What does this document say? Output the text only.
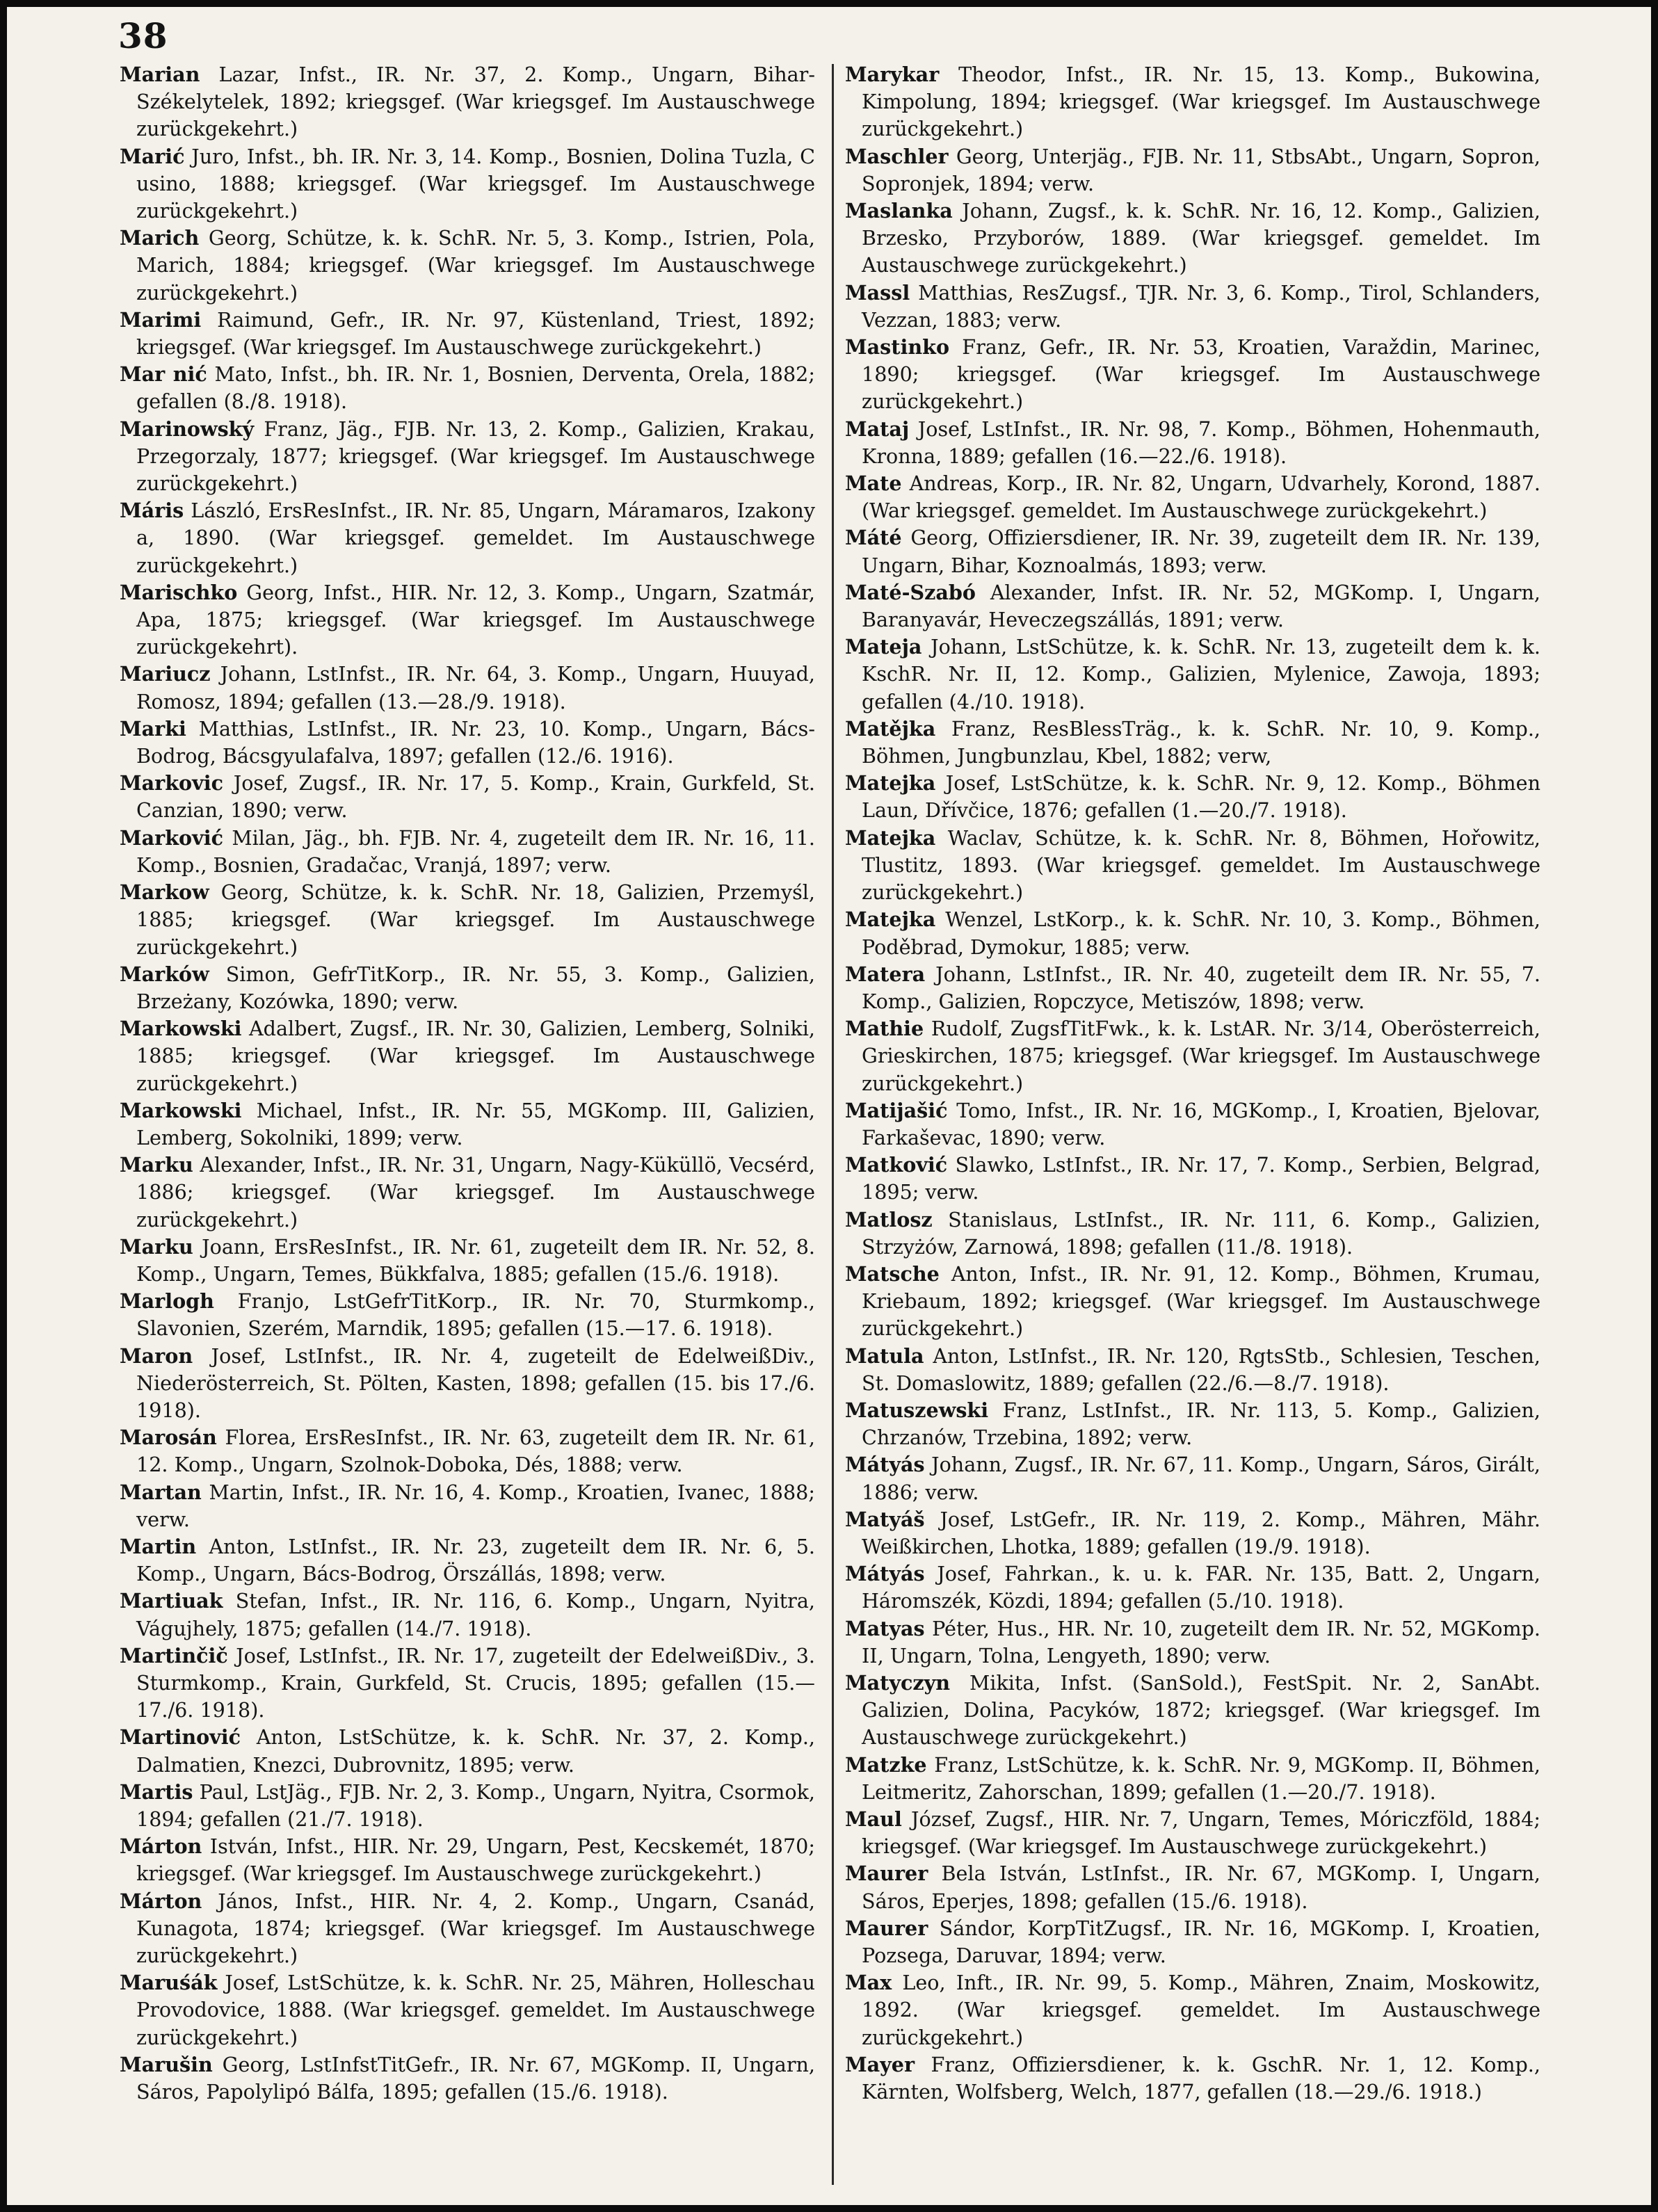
38

Marian Lazar, Infst., IR. Nr. 37, 2. Komp., Ungarn, Bihar-Székelytelek, 1892; kriegsgef. (War kriegsgef. Im Austauschwege zurückgekehrt.)

Marić Juro, Infst., bh. IR. Nr. 3, 14. Komp., Bosnien, Dolina Tuzla, C usino, 1888; kriegsgef. (War kriegsgef. Im Austauschwege zurückgekehrt.)

Marich Georg, Schütze, k. k. SchR. Nr. 5, 3. Komp., Istrien, Pola, Marich, 1884; kriegsgef. (War kriegsgef. Im Austauschwege zurückgekehrt.)

Marimi Raimund, Gefr., IR. Nr. 97, Küstenland, Triest, 1892; kriegsgef. (War kriegsgef. Im Austauschwege zurückgekehrt.)

Mar nić Mato, Infst., bh. IR. Nr. 1, Bosnien, Derventa, Orela, 1882; gefallen (8./8. 1918).

Marinowský Franz, Jäg., FJB. Nr. 13, 2. Komp., Galizien, Krakau, Przegorzaly, 1877; kriegsgef. (War kriegsgef. Im Austauschwege zurückgekehrt.)

Máris László, ErsResInfst., IR. Nr. 85, Ungarn, Máramaros, Izakony a, 1890. (War kriegsgef. gemeldet. Im Austauschwege zurückgekehrt.)

Marischko Georg, Infst., HIR. Nr. 12, 3. Komp., Ungarn, Szatmár, Apa, 1875; kriegsgef. (War kriegsgef. Im Austauschwege zurückgekehrt).

Mariucz Johann, LstInfst., IR. Nr. 64, 3. Komp., Ungarn, Huuyad, Romosz, 1894; gefallen (13.—28./9. 1918).

Marki Matthias, LstInfst., IR. Nr. 23, 10. Komp., Ungarn, Bács-Bodrog, Bácsgyulafalva, 1897; gefallen (12./6. 1916).

Markovic Josef, Zugsf., IR. Nr. 17, 5. Komp., Krain, Gurkfeld, St. Canzian, 1890; verw.

Marković Milan, Jäg., bh. FJB. Nr. 4, zugeteilt dem IR. Nr. 16, 11. Komp., Bosnien, Gradačac, Vranjá, 1897; verw.

Markow Georg, Schütze, k. k. SchR. Nr. 18, Galizien, Przemyśl, 1885; kriegsgef. (War kriegsgef. Im Austauschwege zurückgekehrt.)

Marków Simon, GefrTitKorp., IR. Nr. 55, 3. Komp., Galizien, Brzeżany, Kozówka, 1890; verw.

Markowski Adalbert, Zugsf., IR. Nr. 30, Galizien, Lemberg, Solniki, 1885; kriegsgef. (War kriegsgef. Im Austauschwege zurückgekehrt.)

Markowski Michael, Infst., IR. Nr. 55, MGKomp. III, Galizien, Lemberg, Sokolniki, 1899; verw.

Marku Alexander, Infst., IR. Nr. 31, Ungarn, Nagy-Küküllö, Vecsérd, 1886; kriegsgef. (War kriegsgef. Im Austauschwege zurückgekehrt.)

Marku Joann, ErsResInfst., IR. Nr. 61, zugeteilt dem IR. Nr. 52, 8. Komp., Ungarn, Temes, Bükkfalva, 1885; gefallen (15./6. 1918).

Marlogh Franjo, LstGefrTitKorp., IR. Nr. 70, Sturmkomp., Slavonien, Szerém, Marndik, 1895; gefallen (15.—17. 6. 1918).

Maron Josef, LstInfst., IR. Nr. 4, zugeteilt de EdelweißDiv., Niederösterreich, St. Pölten, Kasten, 1898; gefallen (15. bis 17./6. 1918).

Marosán Florea, ErsResInfst., IR. Nr. 63, zugeteilt dem IR. Nr. 61, 12. Komp., Ungarn, Szolnok-Doboka, Dés, 1888; verw.

Martan Martin, Infst., IR. Nr. 16, 4. Komp., Kroatien, Ivanec, 1888; verw.

Martin Anton, LstInfst., IR. Nr. 23, zugeteilt dem IR. Nr. 6, 5. Komp., Ungarn, Bács-Bodrog, Örszállás, 1898; verw.

Martiuak Stefan, Infst., IR. Nr. 116, 6. Komp., Ungarn, Nyitra, Vágujhely, 1875; gefallen (14./7. 1918).

Martinčič Josef, LstInfst., IR. Nr. 17, zugeteilt der EdelweißDiv., 3. Sturmkomp., Krain, Gurkfeld, St. Crucis, 1895; gefallen (15.—17./6. 1918).

Martinović Anton, LstSchütze, k. k. SchR. Nr. 37, 2. Komp., Dalmatien, Knezci, Dubrovnitz, 1895; verw.

Martis Paul, LstJäg., FJB. Nr. 2, 3. Komp., Ungarn, Nyitra, Csormok, 1894; gefallen (21./7. 1918).

Márton István, Infst., HIR. Nr. 29, Ungarn, Pest, Kecskemét, 1870; kriegsgef. (War kriegsgef. Im Austauschwege zurückgekehrt.)

Márton János, Infst., HIR. Nr. 4, 2. Komp., Ungarn, Csanád, Kunagota, 1874; kriegsgef. (War kriegsgef. Im Austauschwege zurückgekehrt.)

Maruśák Josef, LstSchütze, k. k. SchR. Nr. 25, Mähren, Holleschau Provodovice, 1888. (War kriegsgef. gemeldet. Im Austauschwege zurückgekehrt.)

Marušin Georg, LstInfstTitGefr., IR. Nr. 67, MGKomp. II, Ungarn, Sáros, Papolylipó Bálfa, 1895; gefallen (15./6. 1918).

Marykar Theodor, Infst., IR. Nr. 15, 13. Komp., Bukowina, Kimpolung, 1894; kriegsgef. (War kriegsgef. Im Austauschwege zurückgekehrt.)

Maschler Georg, Unterjäg., FJB. Nr. 11, StbsAbt., Ungarn, Sopron, Sopronjek, 1894; verw.

Maslanka Johann, Zugsf., k. k. SchR. Nr. 16, 12. Komp., Galizien, Brzesko, Przyborów, 1889. (War kriegsgef. gemeldet. Im Austauschwege zurückgekehrt.)

Massl Matthias, ResZugsf., TJR. Nr. 3, 6. Komp., Tirol, Schlanders, Vezzan, 1883; verw.

Mastinko Franz, Gefr., IR. Nr. 53, Kroatien, Varaždin, Marinec, 1890; kriegsgef. (War kriegsgef. Im Austauschwege zurückgekehrt.)

Mataj Josef, LstInfst., IR. Nr. 98, 7. Komp., Böhmen, Hohenmauth, Kronna, 1889; gefallen (16.—22./6. 1918).

Mate Andreas, Korp., IR. Nr. 82, Ungarn, Udvarhely, Korond, 1887. (War kriegsgef. gemeldet. Im Austauschwege zurückgekehrt.)

Máté Georg, Offiziersdiener, IR. Nr. 39, zugeteilt dem IR. Nr. 139, Ungarn, Bihar, Koznoalmás, 1893; verw.

Maté-Szabó Alexander, Infst. IR. Nr. 52, MGKomp. I, Ungarn, Baranyavár, Heveczegszállás, 1891; verw.

Mateja Johann, LstSchütze, k. k. SchR. Nr. 13, zugeteilt dem k. k. KschR. Nr. II, 12. Komp., Galizien, Mylenice, Zawoja, 1893; gefallen (4./10. 1918).

Matějka Franz, ResBlessTräg., k. k. SchR. Nr. 10, 9. Komp., Böhmen, Jungbunzlau, Kbel, 1882; verw,

Matejka Josef, LstSchütze, k. k. SchR. Nr. 9, 12. Komp., Böhmen Laun, Dřívčice, 1876; gefallen (1.—20./7. 1918).

Matejka Waclav, Schütze, k. k. SchR. Nr. 8, Böhmen, Hořowitz, Tlustitz, 1893. (War kriegsgef. gemeldet. Im Austauschwege zurückgekehrt.)

Matejka Wenzel, LstKorp., k. k. SchR. Nr. 10, 3. Komp., Böhmen, Poděbrad, Dymokur, 1885; verw.

Matera Johann, LstInfst., IR. Nr. 40, zugeteilt dem IR. Nr. 55, 7. Komp., Galizien, Ropczyce, Metiszów, 1898; verw.

Mathie Rudolf, ZugsfTitFwk., k. k. LstAR. Nr. 3/14, Oberösterreich, Grieskirchen, 1875; kriegsgef. (War kriegsgef. Im Austauschwege zurückgekehrt.)

Matijašić Tomo, Infst., IR. Nr. 16, MGKomp., I, Kroatien, Bjelovar, Farkaševac, 1890; verw.

Matković Slawko, LstInfst., IR. Nr. 17, 7. Komp., Serbien, Belgrad, 1895; verw.

Matlosz Stanislaus, LstInfst., IR. Nr. 111, 6. Komp., Galizien, Strzyżów, Zarnowá, 1898; gefallen (11./8. 1918).

Matsche Anton, Infst., IR. Nr. 91, 12. Komp., Böhmen, Krumau, Kriebaum, 1892; kriegsgef. (War kriegsgef. Im Austauschwege zurückgekehrt.)

Matula Anton, LstInfst., IR. Nr. 120, RgtsStb., Schlesien, Teschen, St. Domaslowitz, 1889; gefallen (22./6.—8./7. 1918).

Matuszewski Franz, LstInfst., IR. Nr. 113, 5. Komp., Galizien, Chrzanów, Trzebina, 1892; verw.

Mátyás Johann, Zugsf., IR. Nr. 67, 11. Komp., Ungarn, Sáros, Girált, 1886; verw.

Matyáš Josef, LstGefr., IR. Nr. 119, 2. Komp., Mähren, Mähr. Weißkirchen, Lhotka, 1889; gefallen (19./9. 1918).

Mátyás Josef, Fahrkan., k. u. k. FAR. Nr. 135, Batt. 2, Ungarn, Háromszék, Közdi, 1894; gefallen (5./10. 1918).

Matyas Péter, Hus., HR. Nr. 10, zugeteilt dem IR. Nr. 52, MGKomp. II, Ungarn, Tolna, Lengyeth, 1890; verw.

Matyczyn Mikita, Infst. (SanSold.), FestSpit. Nr. 2, SanAbt. Galizien, Dolina, Pacyków, 1872; kriegsgef. (War kriegsgef. Im Austauschwege zurückgekehrt.)

Matzke Franz, LstSchütze, k. k. SchR. Nr. 9, MGKomp. II, Böhmen, Leitmeritz, Zahorschan, 1899; gefallen (1.—20./7. 1918).

Maul József, Zugsf., HIR. Nr. 7, Ungarn, Temes, Móriczföld, 1884; kriegsgef. (War kriegsgef. Im Austauschwege zurückgekehrt.)

Maurer Bela István, LstInfst., IR. Nr. 67, MGKomp. I, Ungarn, Sáros, Eperjes, 1898; gefallen (15./6. 1918).

Maurer Sándor, KorpTitZugsf., IR. Nr. 16, MGKomp. I, Kroatien, Pozsega, Daruvar, 1894; verw.

Max Leo, Inft., IR. Nr. 99, 5. Komp., Mähren, Znaim, Moskowitz, 1892. (War kriegsgef. gemeldet. Im Austauschwege zurückgekehrt.)

Mayer Franz, Offiziersdiener, k. k. GschR. Nr. 1, 12. Komp., Kärnten, Wolfsberg, Welch, 1877, gefallen (18.—29./6. 1918.)
